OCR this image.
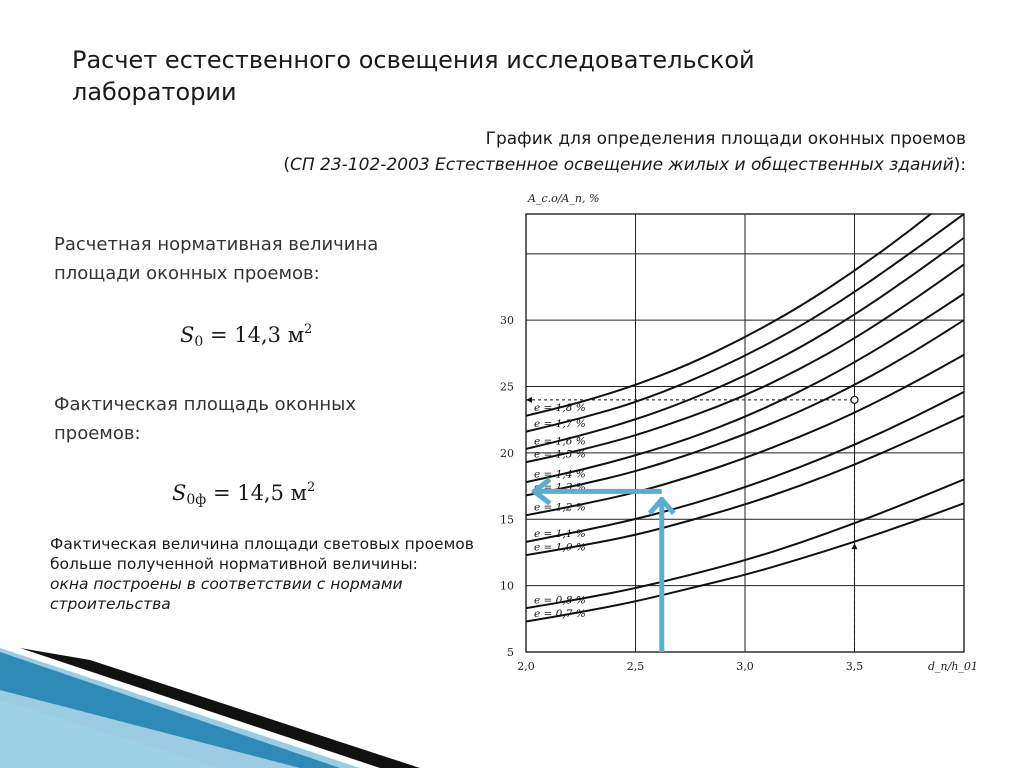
Расчет естественного освещения исследовательской лаборатории
График для определения площади оконных проемов
(СП 23-102-2003 Естественное освещение жилых и общественных зданий):
Расчетная нормативная величина площади оконных проемов:
$S_0 = 14,3$ $м^2$
Фактическая площадь оконных проемов:
$S_{0ф} = 14,5$ $м^2$
Фактическая величина площади световых проемов больше полученной нормативной величины:
окна построены в соответствии с нормами строительства
2,0	2,5	3,0	3,5
5
10
15
20
25
30
A_с.о/A_п, %
d_п/h_01
e = 0,7 %
e = 0,8 %
e = 1,0 %
e = 1,1 %
e = 1,2 %
e = 1,3 %
e = 1,4 %
e = 1,5 %
e = 1,6 %
e = 1,7 %
e = 1,8 %
